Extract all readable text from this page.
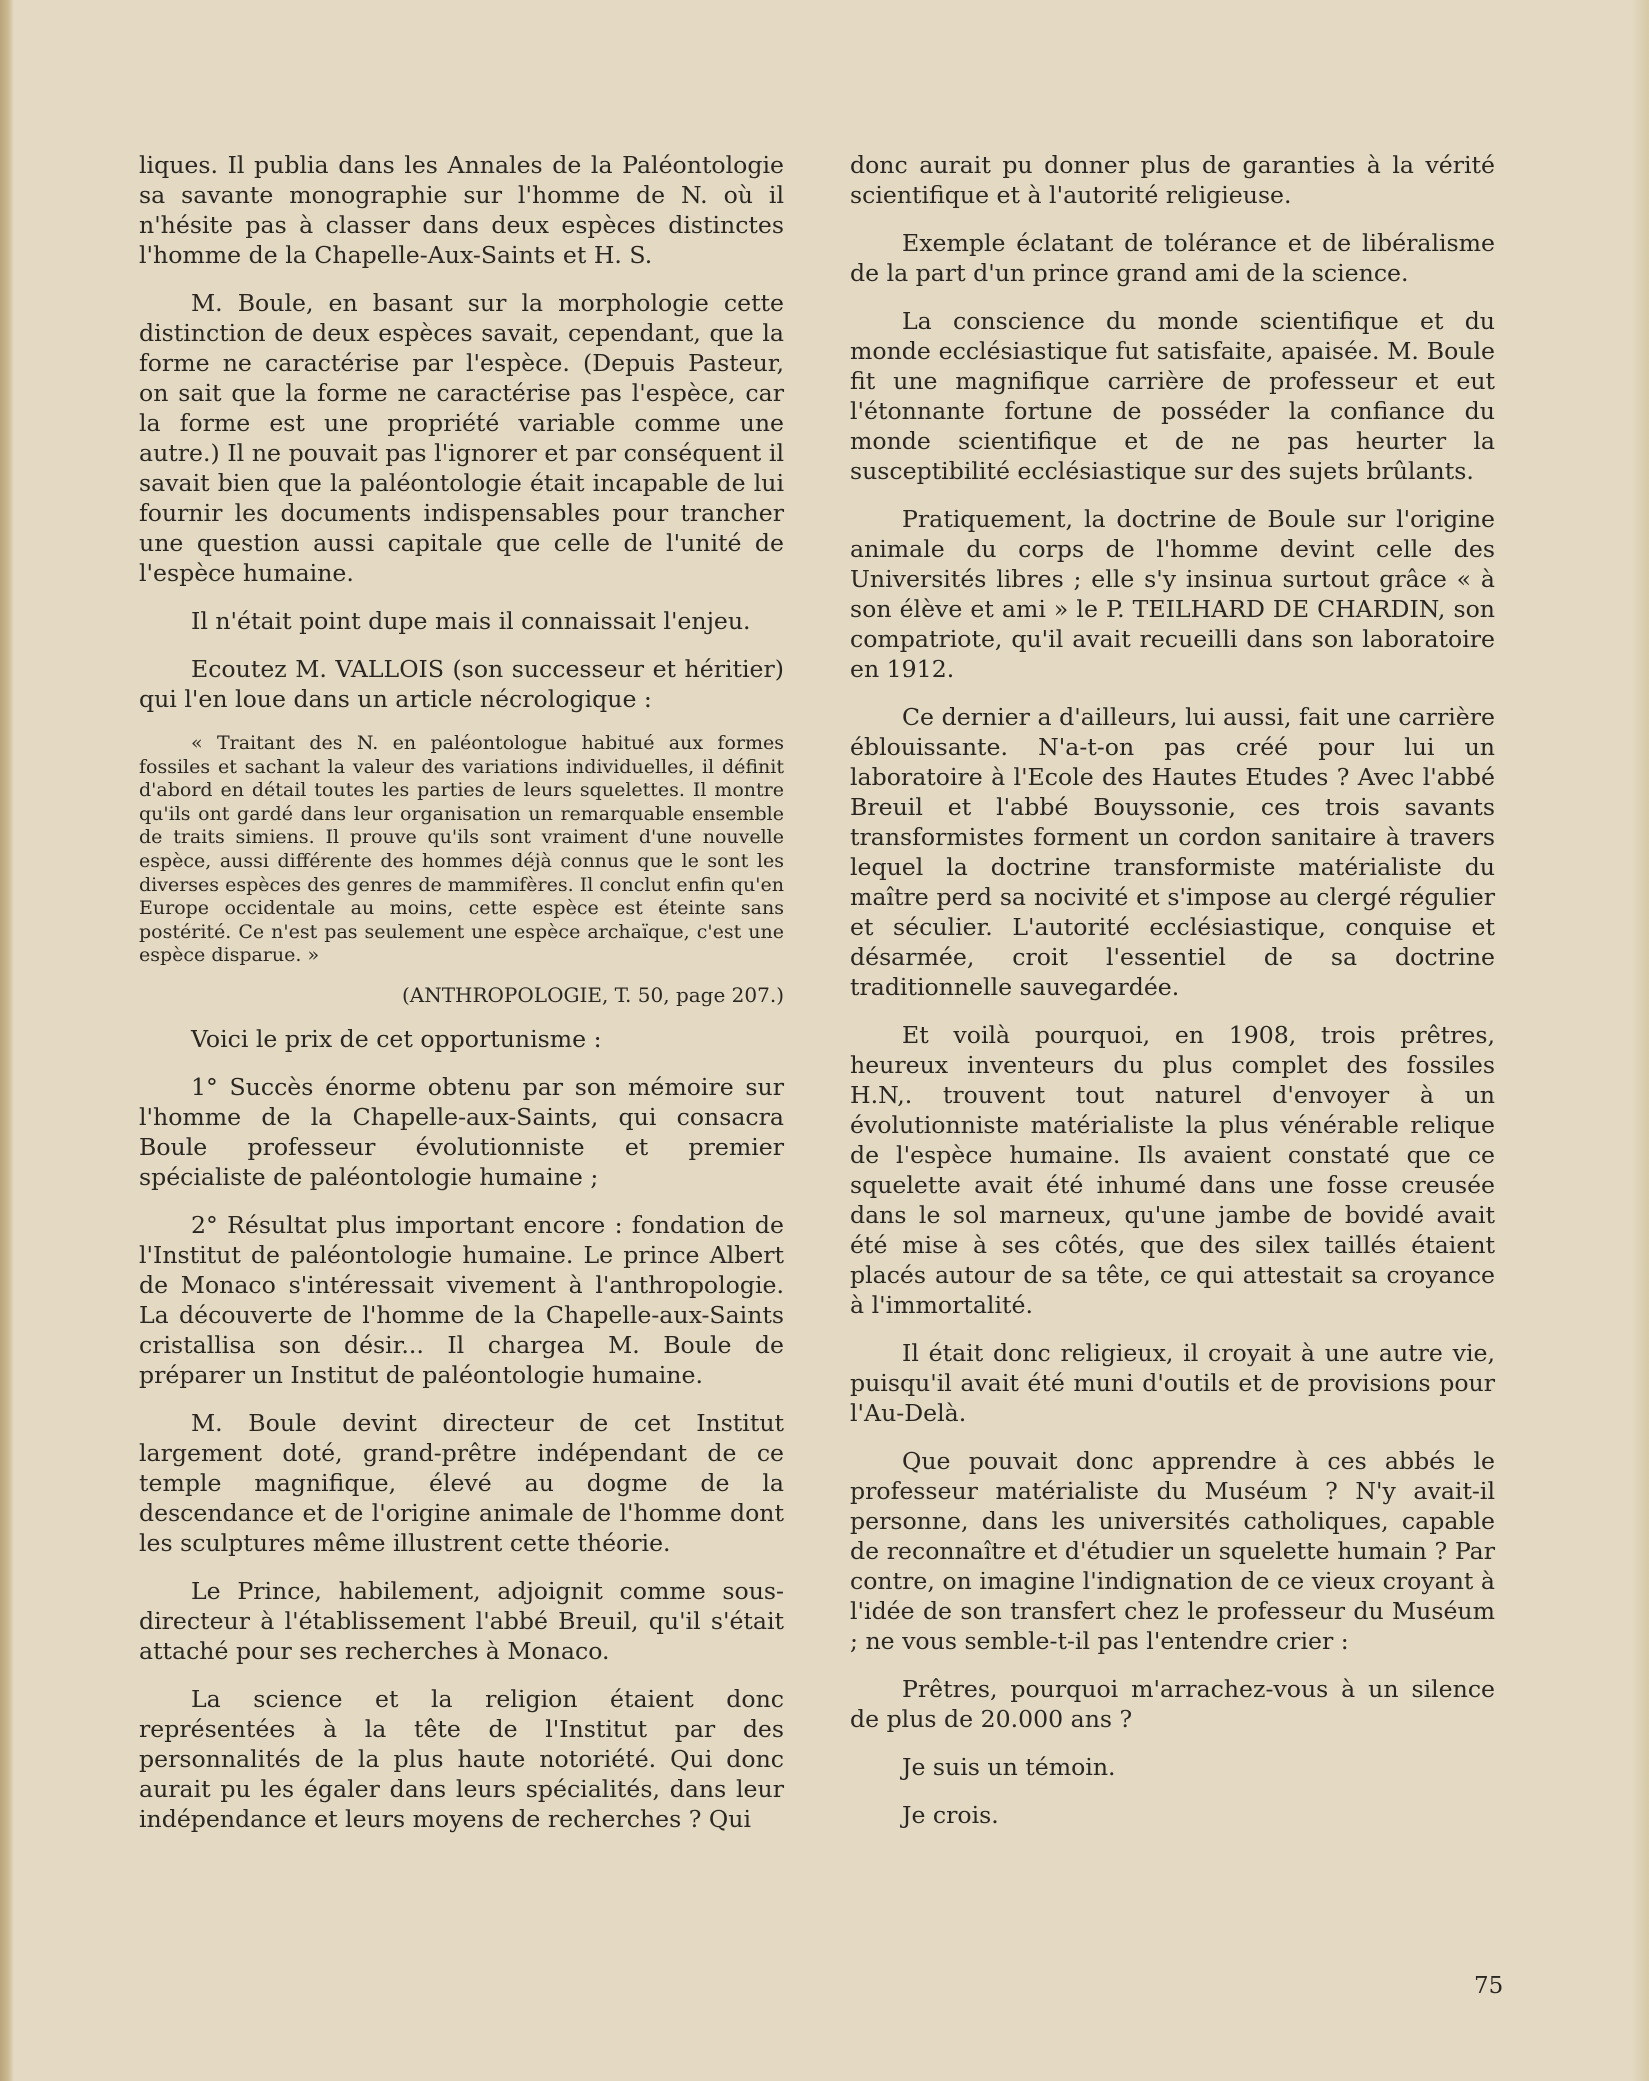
liques. Il publia dans les Annales de la Paléontologie sa savante monographie sur l'homme de N. où il n'hésite pas à classer dans deux espèces distinctes l'homme de la Chapelle-Aux-Saints et H. S.

M. Boule, en basant sur la morphologie cette distinction de deux espèces savait, cependant, que la forme ne caractérise par l'espèce. (Depuis Pasteur, on sait que la forme ne caractérise pas l'espèce, car la forme est une propriété variable comme une autre.) Il ne pouvait pas l'ignorer et par conséquent il savait bien que la paléontologie était incapable de lui fournir les documents indispensables pour trancher une question aussi capitale que celle de l'unité de l'espèce humaine.

Il n'était point dupe mais il connaissait l'enjeu.

Ecoutez M. VALLOIS (son successeur et héritier) qui l'en loue dans un article nécrologique :

« Traitant des N. en paléontologue habitué aux formes fossiles et sachant la valeur des variations individuelles, il définit d'abord en détail toutes les parties de leurs squelettes. Il montre qu'ils ont gardé dans leur organisation un remarquable ensemble de traits simiens. Il prouve qu'ils sont vraiment d'une nouvelle espèce, aussi différente des hommes déjà connus que le sont les diverses espèces des genres de mammifères. Il conclut enfin qu'en Europe occidentale au moins, cette espèce est éteinte sans postérité. Ce n'est pas seulement une espèce archaïque, c'est une espèce disparue. »

(ANTHROPOLOGIE, T. 50, page 207.)

Voici le prix de cet opportunisme :

1° Succès énorme obtenu par son mémoire sur l'homme de la Chapelle-aux-Saints, qui consacra Boule professeur évolutionniste et premier spécialiste de paléontologie humaine ;

2° Résultat plus important encore : fondation de l'Institut de paléontologie humaine. Le prince Albert de Monaco s'intéressait vivement à l'anthropologie. La découverte de l'homme de la Chapelle-aux-Saints cristallisa son désir... Il chargea M. Boule de préparer un Institut de paléontologie humaine.

M. Boule devint directeur de cet Institut largement doté, grand-prêtre indépendant de ce temple magnifique, élevé au dogme de la descendance et de l'origine animale de l'homme dont les sculptures même illustrent cette théorie.

Le Prince, habilement, adjoignit comme sous-directeur à l'établissement l'abbé Breuil, qu'il s'était attaché pour ses recherches à Monaco.

La science et la religion étaient donc représentées à la tête de l'Institut par des personnalités de la plus haute notoriété. Qui donc aurait pu les égaler dans leurs spécialités, dans leur indépendance et leurs moyens de recherches ? Qui

donc aurait pu donner plus de garanties à la vérité scientifique et à l'autorité religieuse.

Exemple éclatant de tolérance et de libéralisme de la part d'un prince grand ami de la science.

La conscience du monde scientifique et du monde ecclésiastique fut satisfaite, apaisée. M. Boule fit une magnifique carrière de professeur et eut l'étonnante fortune de posséder la confiance du monde scientifique et de ne pas heurter la susceptibilité ecclésiastique sur des sujets brûlants.

Pratiquement, la doctrine de Boule sur l'origine animale du corps de l'homme devint celle des Universités libres ; elle s'y insinua surtout grâce « à son élève et ami » le P. TEILHARD DE CHARDIN, son compatriote, qu'il avait recueilli dans son laboratoire en 1912.

Ce dernier a d'ailleurs, lui aussi, fait une carrière éblouissante. N'a-t-on pas créé pour lui un laboratoire à l'Ecole des Hautes Etudes ? Avec l'abbé Breuil et l'abbé Bouyssonie, ces trois savants transformistes forment un cordon sanitaire à travers lequel la doctrine transformiste matérialiste du maître perd sa nocivité et s'impose au clergé régulier et séculier. L'autorité ecclésiastique, conquise et désarmée, croit l'essentiel de sa doctrine traditionnelle sauvegardée.

Et voilà pourquoi, en 1908, trois prêtres, heureux inventeurs du plus complet des fossiles H.N,. trouvent tout naturel d'envoyer à un évolutionniste matérialiste la plus vénérable relique de l'espèce humaine. Ils avaient constaté que ce squelette avait été inhumé dans une fosse creusée dans le sol marneux, qu'une jambe de bovidé avait été mise à ses côtés, que des silex taillés étaient placés autour de sa tête, ce qui attestait sa croyance à l'immortalité.

Il était donc religieux, il croyait à une autre vie, puisqu'il avait été muni d'outils et de provisions pour l'Au-Delà.

Que pouvait donc apprendre à ces abbés le professeur matérialiste du Muséum ? N'y avait-il personne, dans les universités catholiques, capable de reconnaître et d'étudier un squelette humain ? Par contre, on imagine l'indignation de ce vieux croyant à l'idée de son transfert chez le professeur du Muséum ; ne vous semble-t-il pas l'entendre crier :

Prêtres, pourquoi m'arrachez-vous à un silence de plus de 20.000 ans ?

Je suis un témoin.

Je crois.

75
